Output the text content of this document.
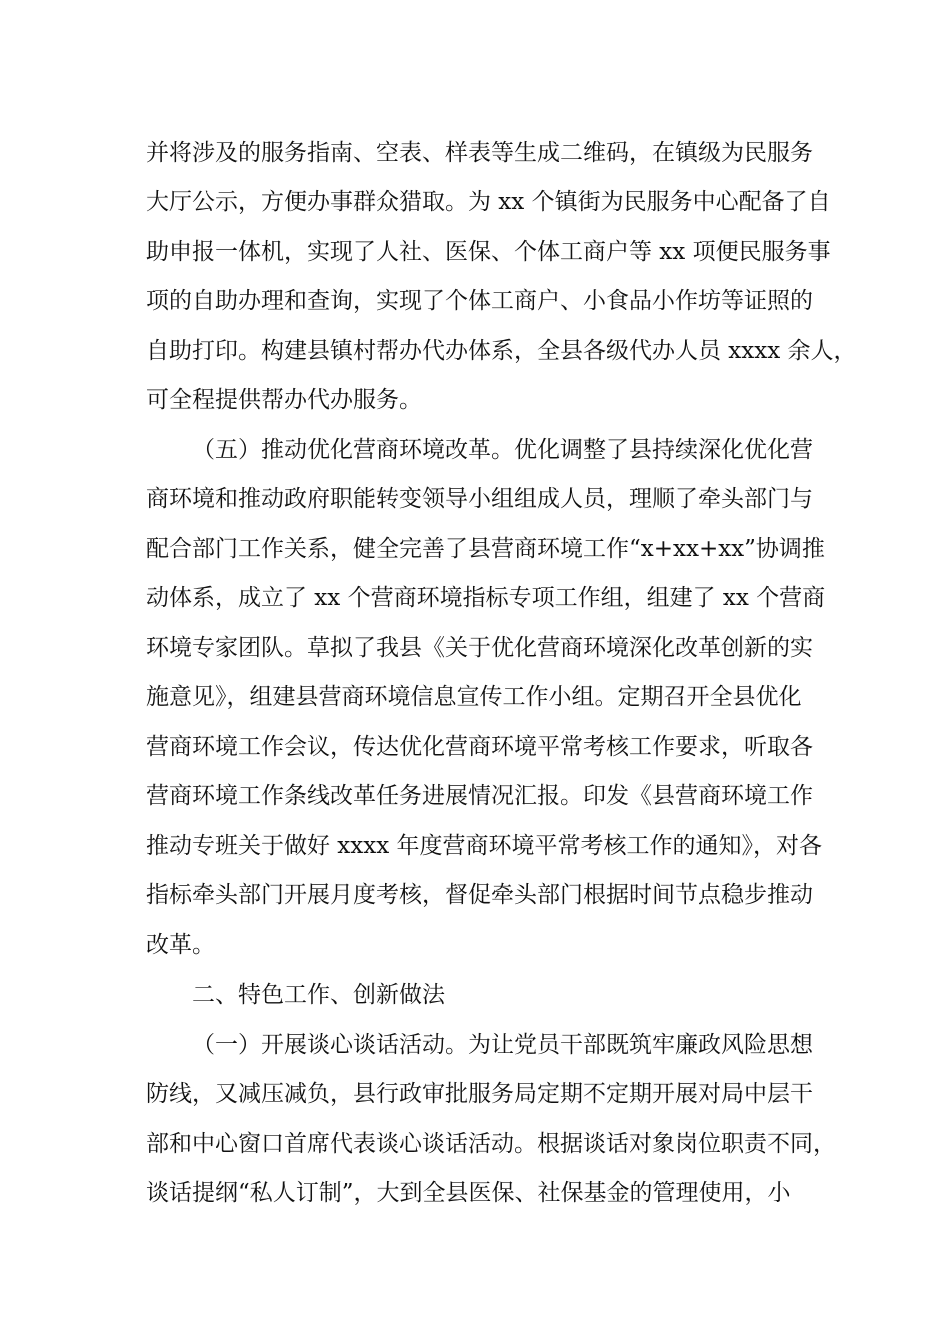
并将涉及的服务指南、空表、样表等生成二维码，在镇级为民服务
大厅公示，方便办事群众猎取。为 xx 个镇街为民服务中心配备了自
助申报一体机，实现了人社、医保、个体工商户等 xx 项便民服务事
项的自助办理和查询，实现了个体工商户、小食品小作坊等证照的
自助打印。构建县镇村帮办代办体系，全县各级代办人员 xxxx 余人，
可全程提供帮办代办服务。
（五）推动优化营商环境改革。优化调整了县持续深化优化营
商环境和推动政府职能转变领导小组组成人员，理顺了牵头部门与
配合部门工作关系，健全完善了县营商环境工作“x+xx+xx”协调推
动体系，成立了 xx 个营商环境指标专项工作组，组建了 xx 个营商
环境专家团队。草拟了我县《关于优化营商环境深化改革创新的实
施意见》，组建县营商环境信息宣传工作小组。定期召开全县优化
营商环境工作会议，传达优化营商环境平常考核工作要求，听取各
营商环境工作条线改革任务进展情况汇报。印发《县营商环境工作
推动专班关于做好 xxxx 年度营商环境平常考核工作的通知》，对各
指标牵头部门开展月度考核，督促牵头部门根据时间节点稳步推动
改革。
二、特色工作、创新做法
（一）开展谈心谈话活动。为让党员干部既筑牢廉政风险思想
防线，又减压减负，县行政审批服务局定期不定期开展对局中层干
部和中心窗口首席代表谈心谈话活动。根据谈话对象岗位职责不同，
谈话提纲“私人订制”，大到全县医保、社保基金的管理使用，小
